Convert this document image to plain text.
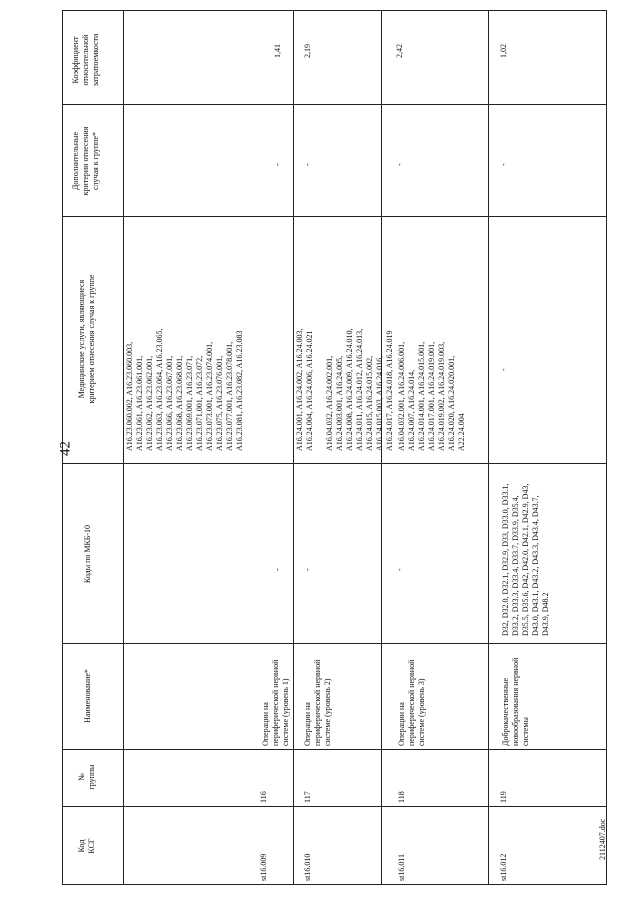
42
Коэффициент
относительной
затратоемкости
Дополнительные
критерии отнесения
случая к группе*
Медицинские услуги, являющиеся
критерием отнесения случая к группе
Коды по МКБ-10
Наименование*
№
группы
Код
КСГ
1,41
-
A16.23.060.002, A16.23.060.003,
A16.23.061, A16.23.061.001,
A16.23.062, A16.23.062.001,
A16.23.063, A16.23.064, A16.23.065,
A16.23.066, A16.23.067.001,
A16.23.068, A16.23.068.001,
A16.23.069.001, A16.23.071,
A16.23.071.001, A16.23.072,
A16.23.073.001, A16.23.074.001,
A16.23.075, A16.23.076.001,
A16.23.077.001, A16.23.078.001,
A16.23.081, A16.23.082, A16.23.083
-
Операции на
периферической нервной
системе (уровень 1)
116
st16.009
2,19
-
A16.24.001, A16.24.002, A16.24.003,
A16.24.004, A16.24.006, A16.24.021

A16.04.032, A16.24.002.001,
A16.24.003.001, A16.24.005,
A16.24.008, A16.24.009, A16.24.010,
A16.24.011, A16.24.012, A16.24.013,
A16.24.015, A16.24.015.002,
A16.24.015.003, A16.24.016,
A16.24.017, A16.24.018, A16.24.019
-
Операции на
периферической нервной
системе (уровень 2)
117
st16.010
2,42
-
A16.04.032.001, A16.24.006.001,
A16.24.007, A16.24.014,
A16.24.014.001, A16.24.015.001,
A16.24.017.001, A16.24.019.001,
A16.24.019.002, A16.24.019.003,
A16.24.020, A16.24.020.001,
A22.24.004
-
Операции на
периферической нервной
системе (уровень 3)
118
st16.011
1,02
-
-
D32, D32.0, D32.1, D32.9, D33, D33.0, D33.1,
D33.2, D33.3, D33.4, D33.7, D33.9, D35.4,
D35.5, D35.6, D42, D42.0, D42.1, D42.9, D43,
D43.0, D43.1, D43.2, D43.3, D43.4, D43.7,
D43.9, D48.2
Доброкачественные
новообразования нервной
системы
119
st16.012
2112407.doc
